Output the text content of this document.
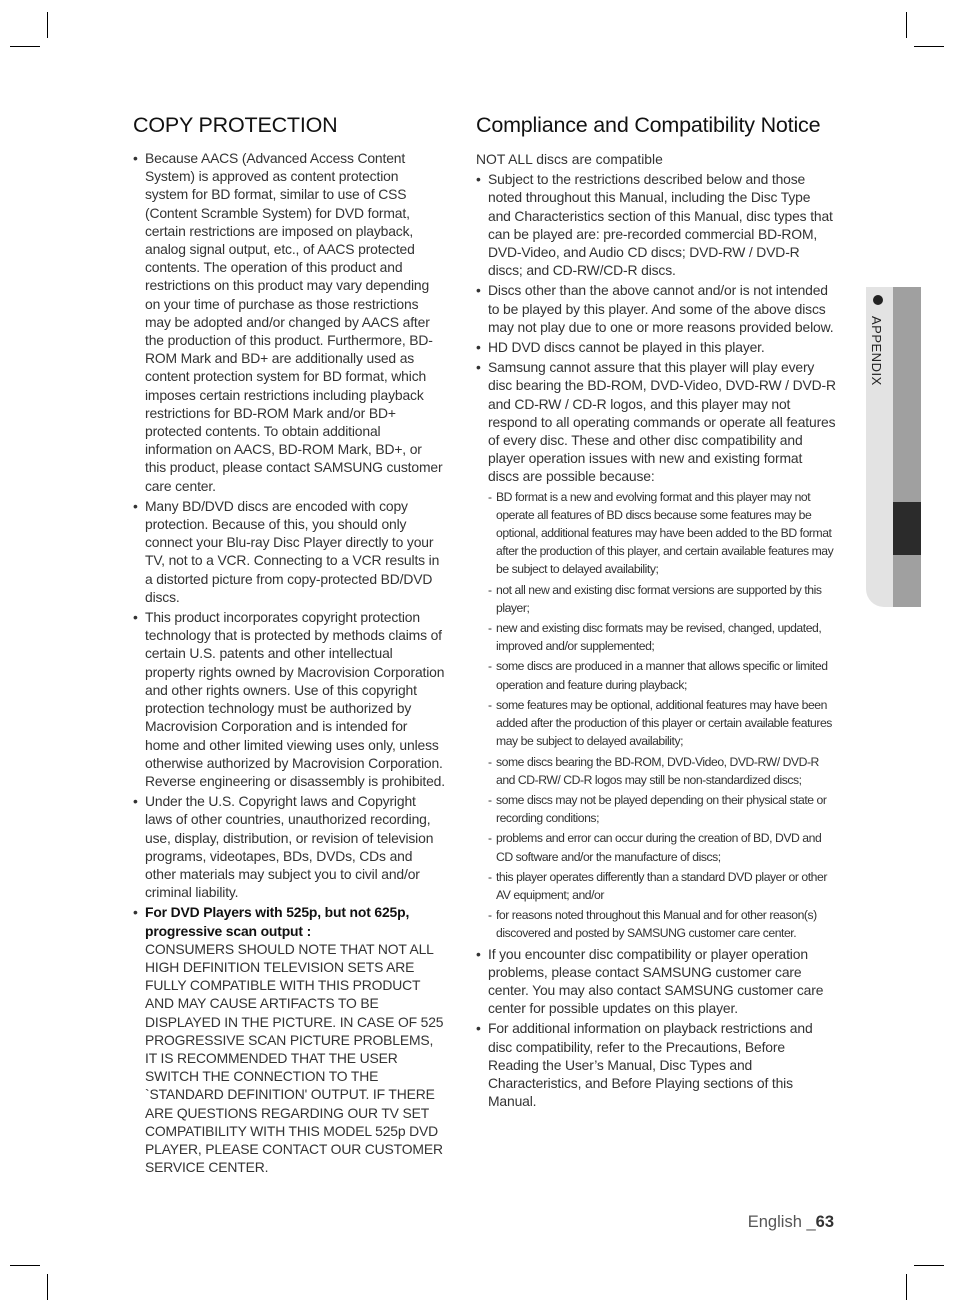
COPY PROTECTION
• Because AACS (Advanced Access Content System) is approved as content protection system for BD format, similar to use of CSS (Content Scramble System) for DVD format, certain restrictions are imposed on playback, analog signal output, etc., of AACS protected contents. The operation of this product and restrictions on this product may vary depending on your time of purchase as those restrictions may be adopted and/or changed by AACS after the production of this product. Furthermore, BD-ROM Mark and BD+ are additionally used as content protection system for BD format, which imposes certain restrictions including playback restrictions for BD-ROM Mark and/or BD+ protected contents. To obtain additional information on AACS, BD-ROM Mark, BD+, or this product, please contact SAMSUNG customer care center.
• Many BD/DVD discs are encoded with copy protection. Because of this, you should only connect your Blu-ray Disc Player directly to your TV, not to a VCR. Connecting to a VCR results in a distorted picture from copy-protected BD/DVD discs.
• This product incorporates copyright protection technology that is protected by methods claims of certain U.S. patents and other intellectual property rights owned by Macrovision Corporation and other rights owners. Use of this copyright protection technology must be authorized by Macrovision Corporation and is intended for home and other limited viewing uses only, unless otherwise authorized by Macrovision Corporation. Reverse engineering or disassembly is prohibited.
• Under the U.S. Copyright laws and Copyright laws of other countries, unauthorized recording, use, display, distribution, or revision of television programs, videotapes, BDs, DVDs, CDs and other materials may subject you to civil and/or criminal liability.
• For DVD Players with 525p, but not 625p, progressive scan output :
CONSUMERS SHOULD NOTE THAT NOT ALL HIGH DEFINITION TELEVISION SETS ARE FULLY COMPATIBLE WITH THIS PRODUCT AND MAY CAUSE ARTIFACTS TO BE DISPLAYED IN THE PICTURE. IN CASE OF 525 PROGRESSIVE SCAN PICTURE PROBLEMS, IT IS RECOMMENDED THAT THE USER SWITCH THE CONNECTION TO THE `STANDARD DEFINITION' OUTPUT. IF THERE ARE QUESTIONS REGARDING OUR TV SET COMPATIBILITY WITH THIS MODEL 525p DVD PLAYER, PLEASE CONTACT OUR CUSTOMER SERVICE CENTER.
Compliance and Compatibility Notice
NOT ALL discs are compatible
• Subject to the restrictions described below and those noted throughout this Manual, including the Disc Type and Characteristics section of this Manual, disc types that can be played are: pre-recorded commercial BD-ROM, DVD-Video, and Audio CD discs; DVD-RW / DVD-R discs; and CD-RW/CD-R discs.
• Discs other than the above cannot and/or is not intended to be played by this player. And some of the above discs may not play due to one or more reasons provided below.
• HD DVD discs cannot be played in this player.
• Samsung cannot assure that this player will play every disc bearing the BD-ROM, DVD-Video, DVD-RW / DVD-R and CD-RW / CD-R logos, and this player may not respond to all operating commands or operate all features of every disc. These and other disc compatibility and player operation issues with new and existing format discs are possible because:
- BD format is a new and evolving format and this player may not operate all features of BD discs because some features may be optional, additional features may have been added to the BD format after the production of this player, and certain available features may be subject to delayed availability;
- not all new and existing disc format versions are supported by this player;
- new and existing disc formats may be revised, changed, updated, improved and/or supplemented;
- some discs are produced in a manner that allows specific or limited operation and feature during playback;
- some features may be optional, additional features may have been added after the production of this player or certain available features may be subject to delayed availability;
- some discs bearing the BD-ROM, DVD-Video, DVD-RW/ DVD-R and CD-RW/ CD-R logos may still be non-standardized discs;
- some discs may not be played depending on their physical state or recording conditions;
- problems and error can occur during the creation of BD, DVD and CD software and/or the manufacture of discs;
- this player operates differently than a standard DVD player or other AV equipment; and/or
- for reasons noted throughout this Manual and for other reason(s) discovered and posted by SAMSUNG customer care center.
• If you encounter disc compatibility or player operation problems, please contact SAMSUNG customer care center. You may also contact SAMSUNG customer care center for possible updates on this player.
• For additional information on playback restrictions and disc compatibility, refer to the Precautions, Before Reading the User’s Manual, Disc Types and Characteristics, and Before Playing sections of this Manual.
APPENDIX
English _63
